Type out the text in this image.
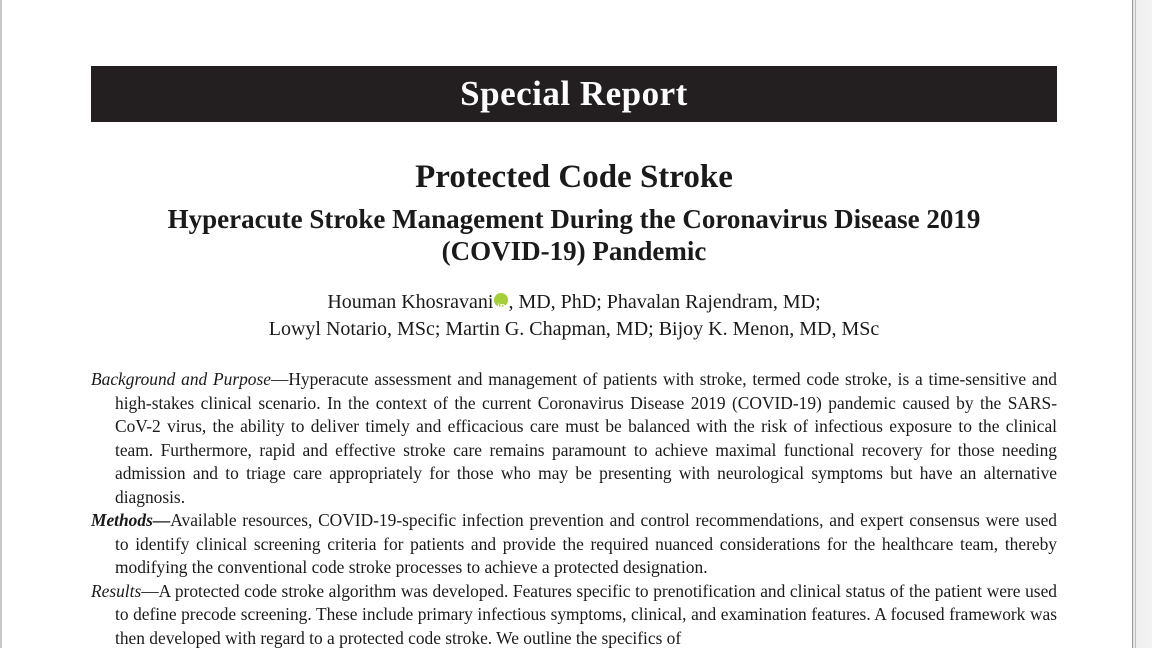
Special Report
Protected Code Stroke
Hyperacute Stroke Management During the Coronavirus Disease 2019
(COVID-19) Pandemic
Houman KhosravaniiD , MD, PhD; Phavalan Rajendram, MD;
Lowyl Notario, MSc; Martin G. Chapman, MD; Bijoy K. Menon, MD, MSc

Background and Purpose—Hyperacute assessment and management of patients with stroke, termed code stroke, is a time-sensitive and high-stakes clinical scenario. In the context of the current Coronavirus Disease 2019 (COVID-19) pandemic caused by the SARS-CoV-2 virus, the ability to deliver timely and efficacious care must be balanced with the risk of infectious exposure to the clinical team. Furthermore, rapid and effective stroke care remains paramount to achieve maximal functional recovery for those needing admission and to triage care appropriately for those who may be presenting with neurological symptoms but have an alternative diagnosis.

Methods—Available resources, COVID-19-specific infection prevention and control recommendations, and expert consensus were used to identify clinical screening criteria for patients and provide the required nuanced considerations for the healthcare team, thereby modifying the conventional code stroke processes to achieve a protected designation.

Results—A protected code stroke algorithm was developed. Features specific to prenotification and clinical status of the patient were used to define precode screening. These include primary infectious symptoms, clinical, and examination features. A focused framework was then developed with regard to a protected code stroke. We outline the specifics of
